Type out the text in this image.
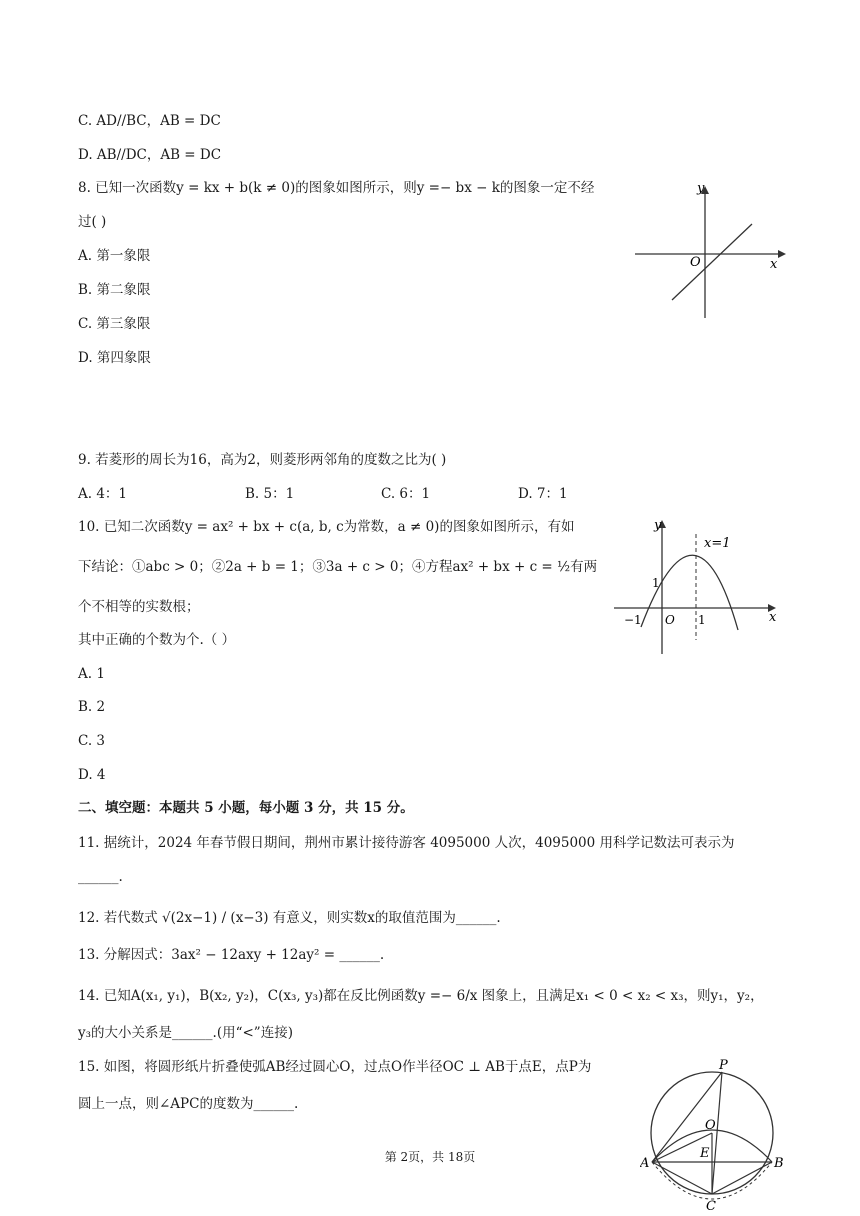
C. AD//BC，AB = DC
D. AB//DC，AB = DC
8. 已知一次函数y = kx + b(k ≠ 0)的图象如图所示，则y =− bx − k的图象一定不经
过( )
A. 第一象限
B. 第二象限
C. 第三象限
D. 第四象限
x
y
O
9. 若菱形的周长为16，高为2，则菱形两邻角的度数之比为( )
A. 4：1	B. 5：1	C. 6：1	D. 7：1
10. 已知二次函数y = ax² + bx + c(a, b, c为常数，a ≠ 0)的图象如图所示，有如
下结论：①abc > 0；②2a + b = 1；③3a + c > 0；④方程ax² + bx + c = ½有两
个不相等的实数根；
其中正确的个数为个.（ ）
A. 1
B. 2
C. 3
D. 4
x
y
x=1
1
−1 O 1
二、填空题：本题共 5 小题，每小题 3 分，共 15 分。
11. 据统计，2024 年春节假日期间，荆州市累计接待游客 4095000 人次，4095000 用科学记数法可表示为
______.
12. 若代数式 √(2x−1) / (x−3) 有意义，则实数x的取值范围为______.
13. 分解因式：3ax² − 12axy + 12ay² = ______.
14. 已知A(x₁, y₁)，B(x₂, y₂)，C(x₃, y₃)都在反比例函数y =− 6/x 图象上，且满足x₁ < 0 < x₂ < x₃，则y₁，y₂，
y₃的大小关系是______.(用“<”连接)
15. 如图，将圆形纸片折叠使弧AB经过圆心O，过点O作半径OC ⊥ AB于点E，点P为
圆上一点，则∠APC的度数为______.
P
O
E
A	B
C
第 2页，共 18页
